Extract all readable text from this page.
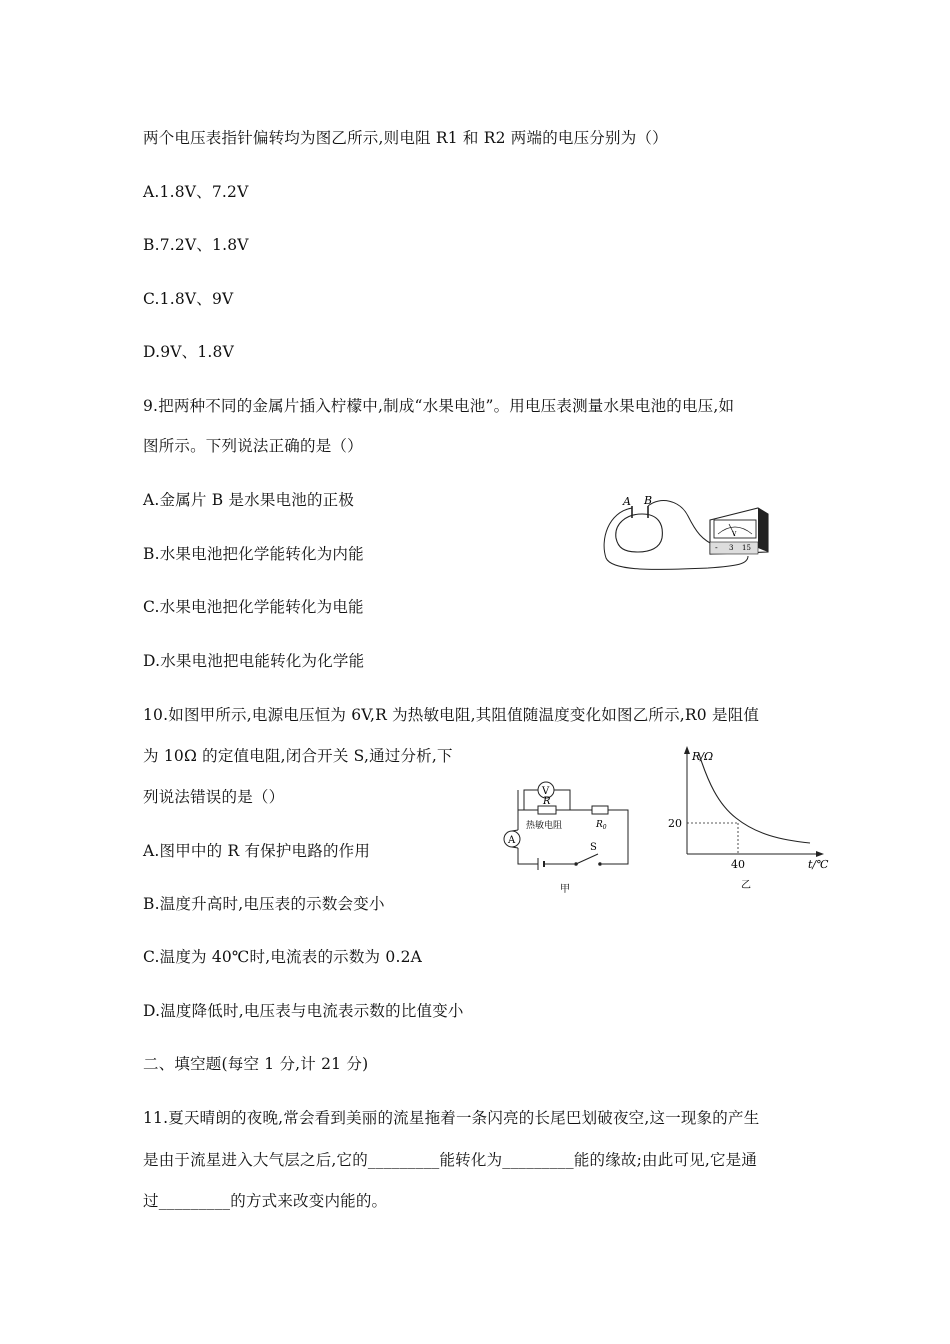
两个电压表指针偏转均为图乙所示,则电阻 R1 和 R2 两端的电压分别为（）
A.1.8V、7.2V
B.7.2V、1.8V
C.1.8V、9V
D.9V、1.8V
9.把两种不同的金属片插入柠檬中,制成“水果电池”。用电压表测量水果电池的电压,如
图所示。下列说法正确的是（）
A.金属片 B 是水果电池的正极
B.水果电池把化学能转化为内能
C.水果电池把化学能转化为电能
D.水果电池把电能转化为化学能
10.如图甲所示,电源电压恒为 6V,R 为热敏电阻,其阻值随温度变化如图乙所示,R0 是阻值
为 10Ω 的定值电阻,闭合开关 S,通过分析,下
列说法错误的是（）
A.图甲中的 R 有保护电路的作用
B.温度升高时,电压表的示数会变小
C.温度为 40℃时,电流表的示数为 0.2A
D.温度降低时,电压表与电流表示数的比值变小
二、填空题(每空 1 分,计 21 分)
11.夏天晴朗的夜晚,常会看到美丽的流星拖着一条闪亮的长尾巴划破夜空,这一现象的产生
是由于流星进入大气层之后,它的_________能转化为_________能的缘故;由此可见,它是通
过_________的方式来改变内能的。
A B
V
- 3 15
V
R
热敏电阻	$R_0$
A
S
甲
R/Ω
t/℃
20
40
乙
